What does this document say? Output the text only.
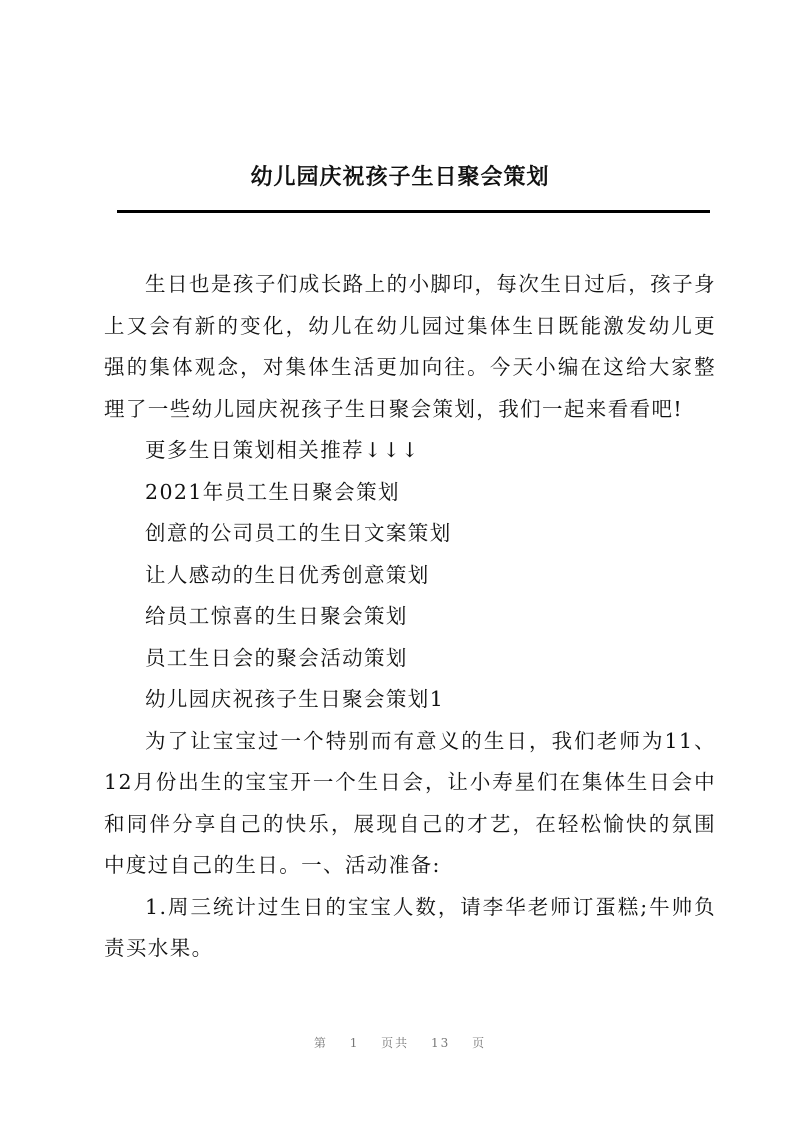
幼儿园庆祝孩子生日聚会策划

生日也是孩子们成长路上的小脚印，每次生日过后，孩子身上又会有新的变化，幼儿在幼儿园过集体生日既能激发幼儿更强的集体观念，对集体生活更加向往。今天小编在这给大家整理了一些幼儿园庆祝孩子生日聚会策划，我们一起来看看吧!

更多生日策划相关推荐↓↓↓

2021年员工生日聚会策划

创意的公司员工的生日文案策划

让人感动的生日优秀创意策划

给员工惊喜的生日聚会策划

员工生日会的聚会活动策划

幼儿园庆祝孩子生日聚会策划1

为了让宝宝过一个特别而有意义的生日，我们老师为11、12月份出生的宝宝开一个生日会，让小寿星们在集体生日会中和同伴分享自己的快乐，展现自己的才艺，在轻松愉快的氛围中度过自己的生日。一、活动准备:

1.周三统计过生日的宝宝人数，请李华老师订蛋糕;牛帅负责买水果。

第 1 页共 13 页
